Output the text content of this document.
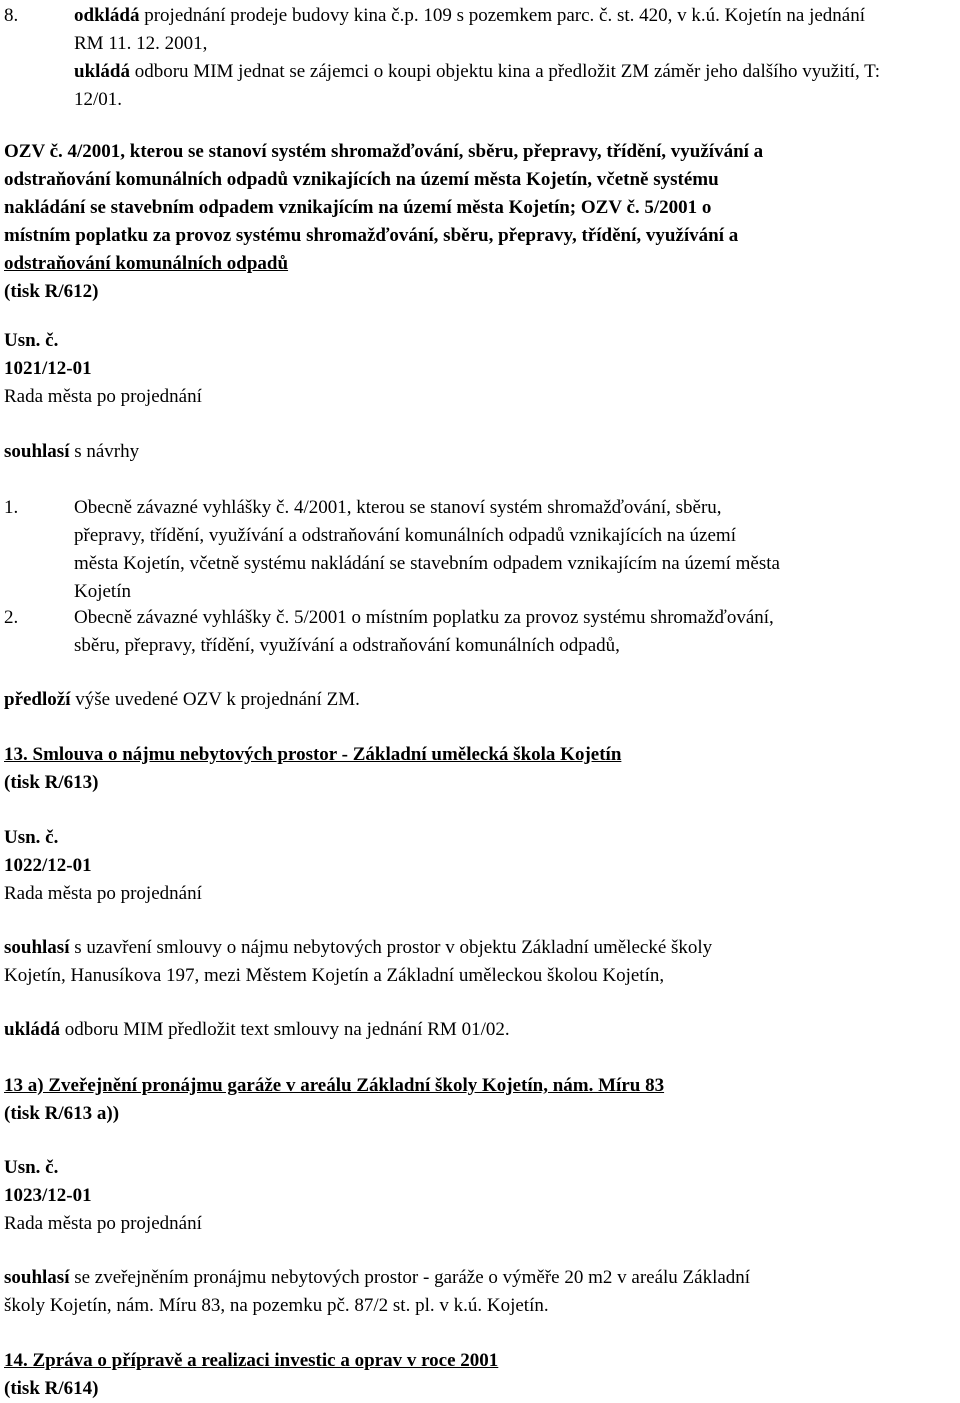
8.	odkládá projednání prodeje budovy kina č.p. 109 s pozemkem parc. č. st. 420, v k.ú. Kojetín na jednání RM 11. 12. 2001,
ukládá odboru MIM jednat se zájemci o koupi objektu kina a předložit ZM záměr jeho dalšího využití, T: 12/01.
OZV č. 4/2001, kterou se stanoví systém shromažďování, sběru, přepravy, třídění, využívání a
odstraňování komunálních odpadů vznikajících na území města Kojetín, včetně systému
nakládání se stavebním odpadem vznikajícím na území města Kojetín; OZV č. 5/2001 o
místním poplatku za provoz systému shromažďování, sběru, přepravy, třídění, využívání a
odstraňování komunálních odpadů
(tisk R/612)
Usn. č.
1021/12-01
Rada města po projednání
souhlasí s návrhy
1.	Obecně závazné vyhlášky č. 4/2001, kterou se stanoví systém shromažďování, sběru,
přepravy, třídění, využívání a odstraňování komunálních odpadů vznikajících na území
města Kojetín, včetně systému nakládání se stavebním odpadem vznikajícím na území města
Kojetín
2.	Obecně závazné vyhlášky č. 5/2001 o místním poplatku za provoz systému shromažďování,
sběru, přepravy, třídění, využívání a odstraňování komunálních odpadů,
předloží výše uvedené OZV k projednání ZM.
13. Smlouva o nájmu nebytových prostor - Základní umělecká škola Kojetín
(tisk R/613)
Usn. č.
1022/12-01
Rada města po projednání
souhlasí s uzavření smlouvy o nájmu nebytových prostor v objektu Základní umělecké školy
Kojetín, Hanusíkova 197, mezi Městem Kojetín a Základní uměleckou školou Kojetín,
ukládá odboru MIM předložit text smlouvy na jednání RM 01/02.
13 a) Zveřejnění pronájmu garáže v areálu Základní školy Kojetín, nám. Míru 83
(tisk R/613 a))
Usn. č.
1023/12-01
Rada města po projednání
souhlasí se zveřejněním pronájmu nebytových prostor - garáže o výměře 20 m2 v areálu Základní
školy Kojetín, nám. Míru 83, na pozemku pč. 87/2 st. pl. v k.ú. Kojetín.
14. Zpráva o přípravě a realizaci investic a oprav v roce 2001
(tisk R/614)
